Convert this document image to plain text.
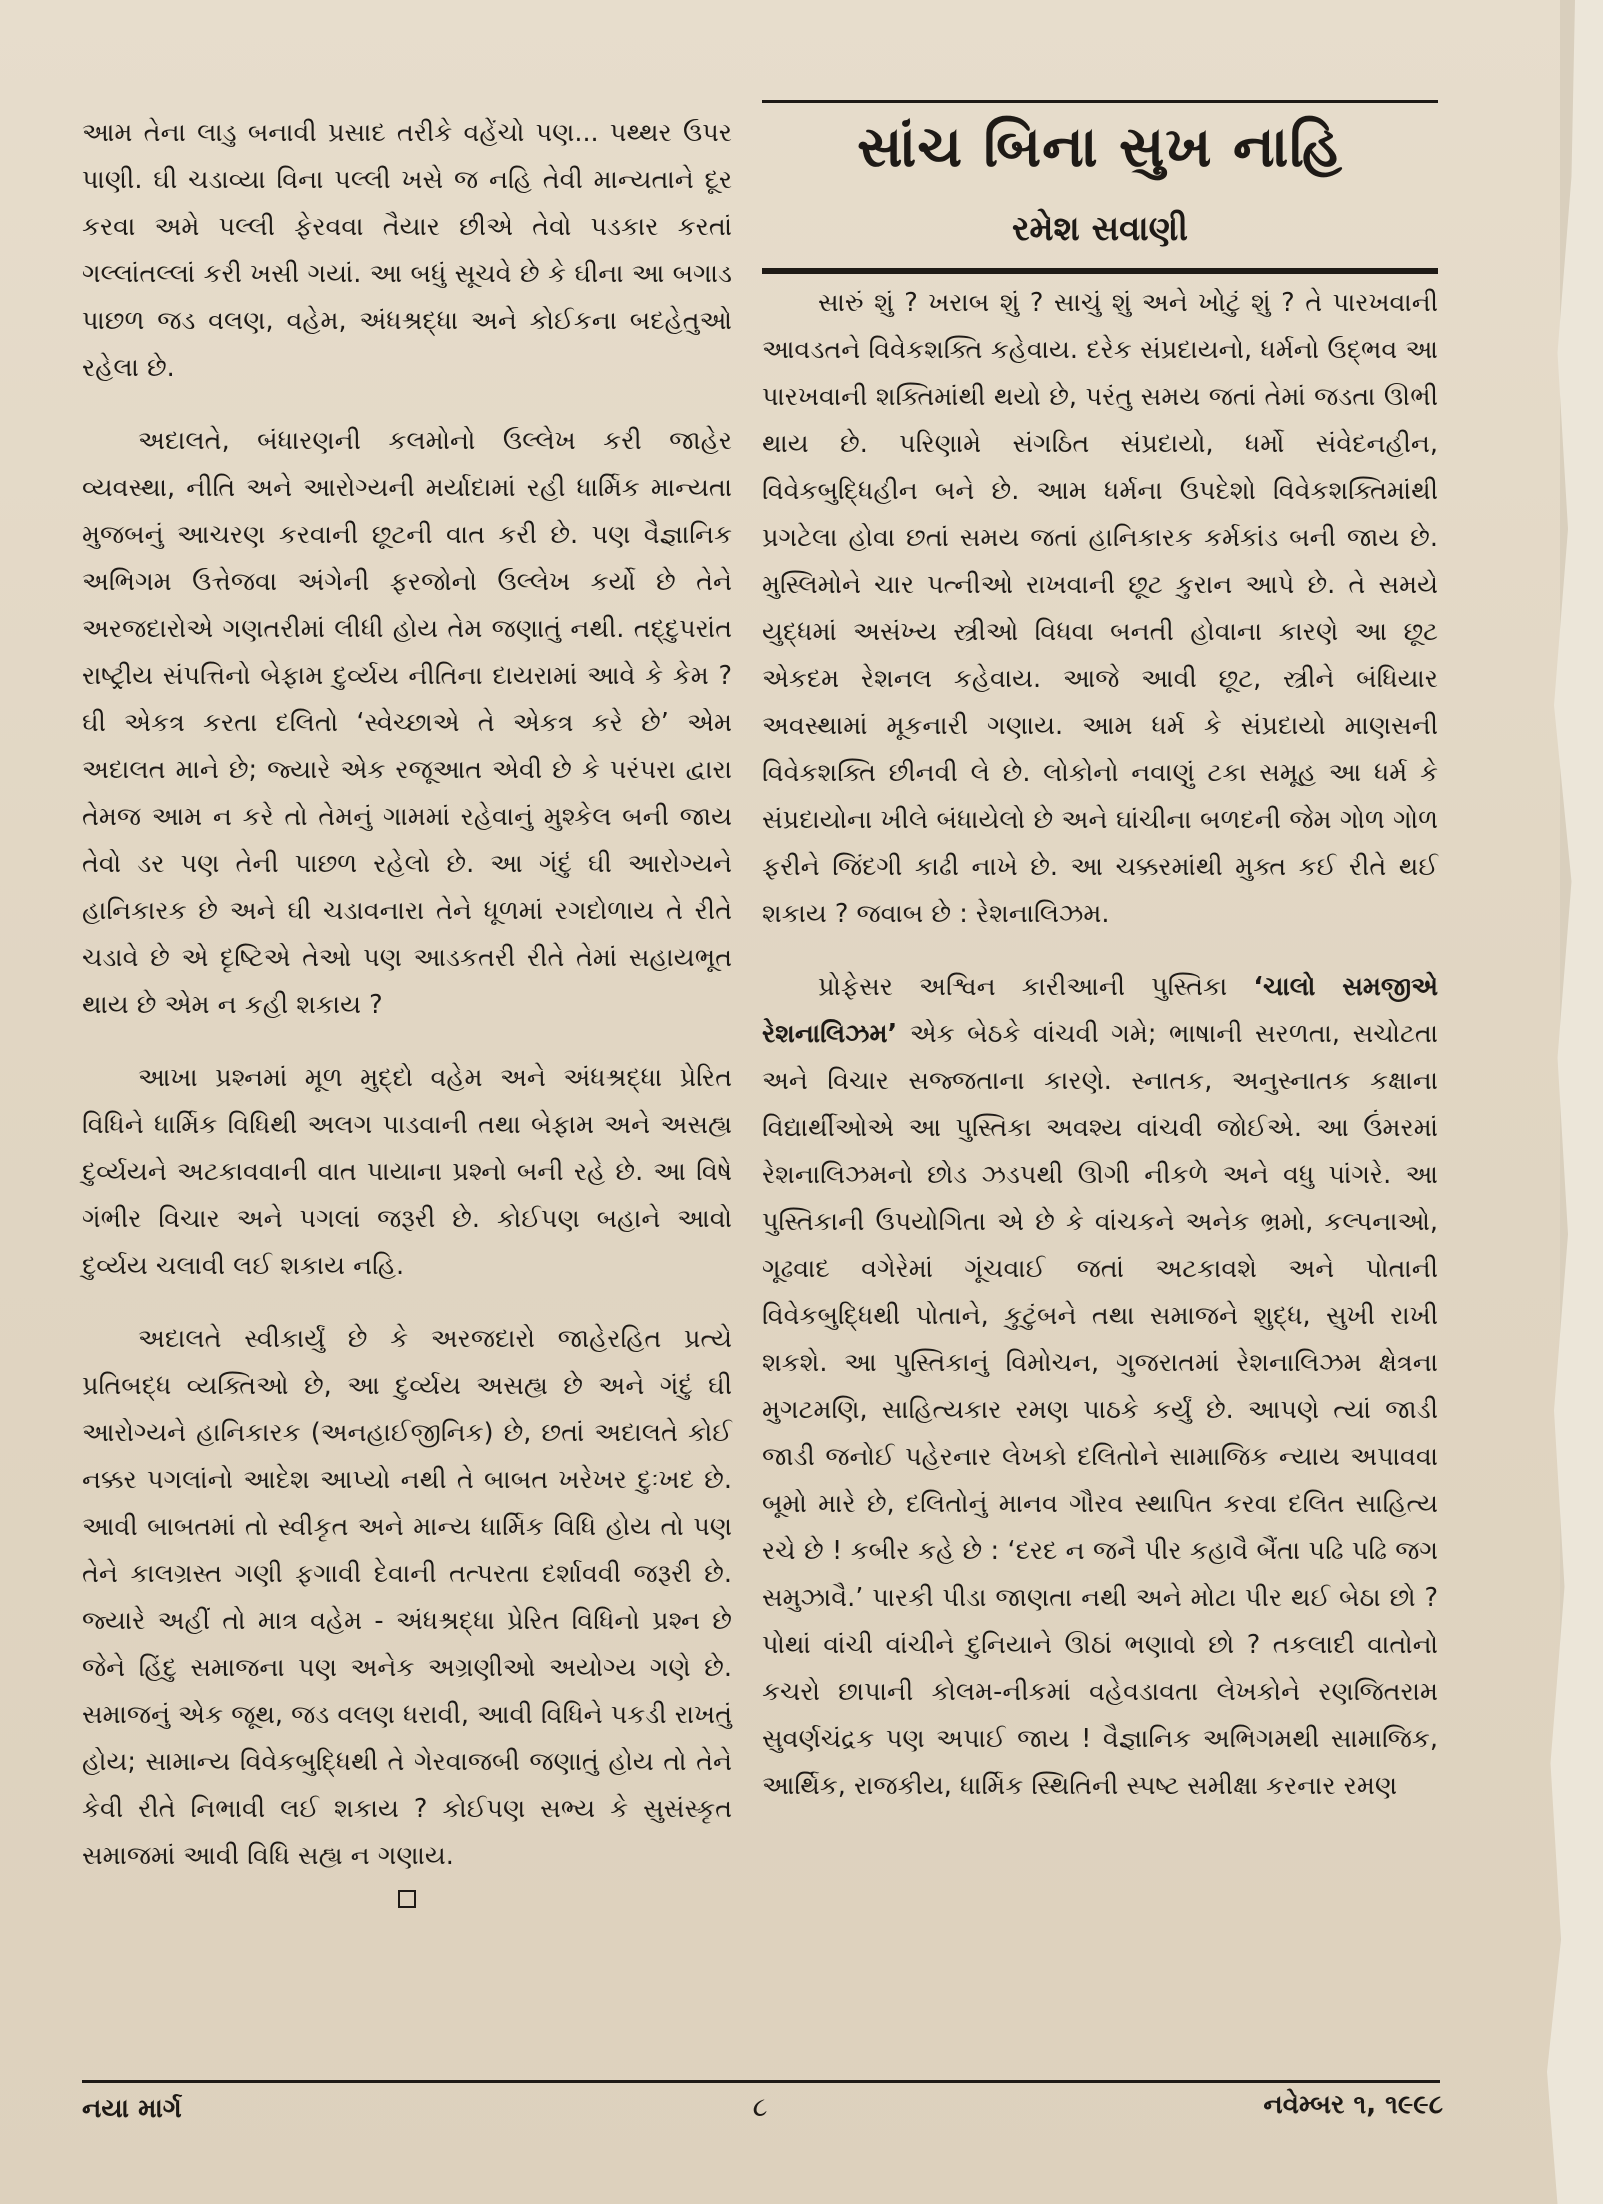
આમ તેના લાડુ બનાવી પ્રસાદ તરીકે વહેંચો પણ... પથ્થર ઉપર પાણી. ઘી ચડાવ્યા વિના પલ્લી ખસે જ નહિ તેવી માન્યતાને દૂર કરવા અમે પલ્લી ફેરવવા તૈયાર છીએ તેવો પડકાર કરતાં ગલ્લાંતલ્લાં કરી ખસી ગયાં. આ બધું સૂચવે છે કે ઘીના આ બગાડ પાછળ જડ વલણ, વહેમ, અંધશ્રદ્ધા અને કોઈકના બદહેતુઓ રહેલા છે.

અદાલતે, બંધારણની કલમોનો ઉલ્લેખ કરી જાહેર વ્યવસ્થા, નીતિ અને આરોગ્યની મર્યાદામાં રહી ધાર્મિક માન્યતા મુજબનું આચરણ કરવાની છૂટની વાત કરી છે. પણ વૈજ્ઞાનિક અભિગમ ઉત્તેજવા અંગેની ફરજોનો ઉલ્લેખ કર્યો છે તેને અરજદારોએ ગણતરીમાં લીધી હોય તેમ જણાતું નથી. તદ્દુપરાંત રાષ્ટ્રીય સંપત્તિનો બેફામ દુર્વ્યય નીતિના દાયરામાં આવે કે કેમ ? ઘી એકત્ર કરતા દલિતો ‘સ્વેચ્છાએ તે એકત્ર કરે છે’ એમ અદાલત માને છે; જ્યારે એક રજૂઆત એવી છે કે પરંપરા દ્વારા તેમજ આમ ન કરે તો તેમનું ગામમાં રહેવાનું મુશ્કેલ બની જાય તેવો ડર પણ તેની પાછળ રહેલો છે. આ ગંદું ઘી આરોગ્યને હાનિકારક છે અને ઘી ચડાવનારા તેને ધૂળમાં રગદોળાય તે રીતે ચડાવે છે એ દૃષ્ટિએ તેઓ પણ આડકતરી રીતે તેમાં સહાયભૂત થાય છે એમ ન કહી શકાય ?

આખા પ્રશ્નમાં મૂળ મુદ્દો વહેમ અને અંધશ્રદ્ધા પ્રેરિત વિધિને ધાર્મિક વિધિથી અલગ પાડવાની તથા બેફામ અને અસહ્ય દુર્વ્યયને અટકાવવાની વાત પાયાના પ્રશ્નો બની રહે છે. આ વિષે ગંભીર વિચાર અને પગલાં જરૂરી છે. કોઈપણ બહાને આવો દુર્વ્યય ચલાવી લઈ શકાય નહિ.

અદાલતે સ્વીકાર્યું છે કે અરજદારો જાહેરહિત પ્રત્યે પ્રતિબદ્ધ વ્યક્તિઓ છે, આ દુર્વ્યય અસહ્ય છે અને ગંદું ઘી આરોગ્યને હાનિકારક (અનહાઈજીનિક) છે, છતાં અદાલતે કોઈ નક્કર પગલાંનો આદેશ આપ્યો નથી તે બાબત ખરેખર દુઃખદ છે. આવી બાબતમાં તો સ્વીકૃત અને માન્ય ધાર્મિક વિધિ હોય તો પણ તેને કાલગ્રસ્ત ગણી ફગાવી દેવાની તત્પરતા દર્શાવવી જરૂરી છે. જ્યારે અહીં તો માત્ર વહેમ - અંધશ્રદ્ધા પ્રેરિત વિધિનો પ્રશ્ન છે જેને હિંદુ સમાજના પણ અનેક અગ્રણીઓ અયોગ્ય ગણે છે. સમાજનું એક જૂથ, જડ વલણ ધરાવી, આવી વિધિને પકડી રાખતું હોય; સામાન્ય વિવેકબુદ્ધિથી તે ગેરવાજબી જણાતું હોય તો તેને કેવી રીતે નિભાવી લઈ શકાય ? કોઈપણ સભ્ય કે સુસંસ્કૃત સમાજમાં આવી વિધિ સહ્ય ન ગણાય.

સાંચ બિના સુખ નાહિ
રમેશ સવાણી

સારું શું ? ખરાબ શું ? સાચું શું અને ખોટું શું ? તે પારખવાની આવડતને વિવેકશક્તિ કહેવાય. દરેક સંપ્રદાયનો, ધર્મનો ઉદ્ભવ આ પારખવાની શક્તિમાંથી થયો છે, પરંતુ સમય જતાં તેમાં જડતા ઊભી થાય છે. પરિણામે સંગઠિત સંપ્રદાયો, ધર્મો સંવેદનહીન, વિવેકબુદ્ધિહીન બને છે. આમ ધર્મના ઉપદેશો વિવેકશક્તિમાંથી પ્રગટેલા હોવા છતાં સમય જતાં હાનિકારક કર્મકાંડ બની જાય છે. મુસ્લિમોને ચાર પત્નીઓ રાખવાની છૂટ કુરાન આપે છે. તે સમયે યુદ્ધમાં અસંખ્ય સ્ત્રીઓ વિધવા બનતી હોવાના કારણે આ છૂટ એકદમ રેશનલ કહેવાય. આજે આવી છૂટ, સ્ત્રીને બંધિયાર અવસ્થામાં મૂકનારી ગણાય. આમ ધર્મ કે સંપ્રદાયો માણસની વિવેકશક્તિ છીનવી લે છે. લોકોનો નવાણું ટકા સમૂહ આ ધર્મ કે સંપ્રદાયોના ખીલે બંધાયેલો છે અને ઘાંચીના બળદની જેમ ગોળ ગોળ ફરીને જિંદગી કાઢી નાખે છે. આ ચક્કરમાંથી મુક્ત કઈ રીતે થઈ શકાય ? જવાબ છે : રેશનાલિઝમ.

પ્રોફેસર અશ્વિન કારીઆની પુસ્તિકા ‘ચાલો સમજીએ રેશનાલિઝમ’ એક બેઠકે વાંચવી ગમે; ભાષાની સરળતા, સચોટતા અને વિચાર સજ્જતાના કારણે. સ્નાતક, અનુસ્નાતક કક્ષાના વિદ્યાર્થીઓએ આ પુસ્તિકા અવશ્ય વાંચવી જોઈએ. આ ઉંમરમાં રેશનાલિઝમનો છોડ ઝડપથી ઊગી નીકળે અને વધુ પાંગરે. આ પુસ્તિકાની ઉપયોગિતા એ છે કે વાંચકને અનેક ભ્રમો, કલ્પનાઓ, ગૂઢવાદ વગેરેમાં ગૂંચવાઈ જતાં અટકાવશે અને પોતાની વિવેકબુદ્ધિથી પોતાને, કુટુંબને તથા સમાજને શુદ્ધ, સુખી રાખી શકશે. આ પુસ્તિકાનું વિમોચન, ગુજરાતમાં રેશનાલિઝમ ક્ષેત્રના મુગટમણિ, સાહિત્યકાર રમણ પાઠકે કર્યું છે. આપણે ત્યાં જાડી જાડી જનોઈ પહેરનાર લેખકો દલિતોને સામાજિક ન્યાય અપાવવા બૂમો મારે છે, દલિતોનું માનવ ગૌરવ સ્થાપિત કરવા દલિત સાહિત્ય રચે છે ! કબીર કહે છે : ‘દરદ ન જનૈ પીર કહાવૈ બૈંતા પઢિ પઢિ જગ સમુઝાવૈ.’ પારકી પીડા જાણતા નથી અને મોટા પીર થઈ બેઠા છો ? પોથાં વાંચી વાંચીને દુનિયાને ઊઠાં ભણાવો છો ? તકલાદી વાતોનો કચરો છાપાની કોલમ-નીકમાં વહેવડાવતા લેખકોને રણજિતરામ સુવર્ણચંદ્રક પણ અપાઈ જાય ! વૈજ્ઞાનિક અભિગમથી સામાજિક, આર્થિક, રાજકીય, ધાર્મિક સ્થિતિની સ્પષ્ટ સમીક્ષા કરનાર રમણ

નયા માર્ગ	૮	નવેમ્બર ૧, ૧૯૯૮
